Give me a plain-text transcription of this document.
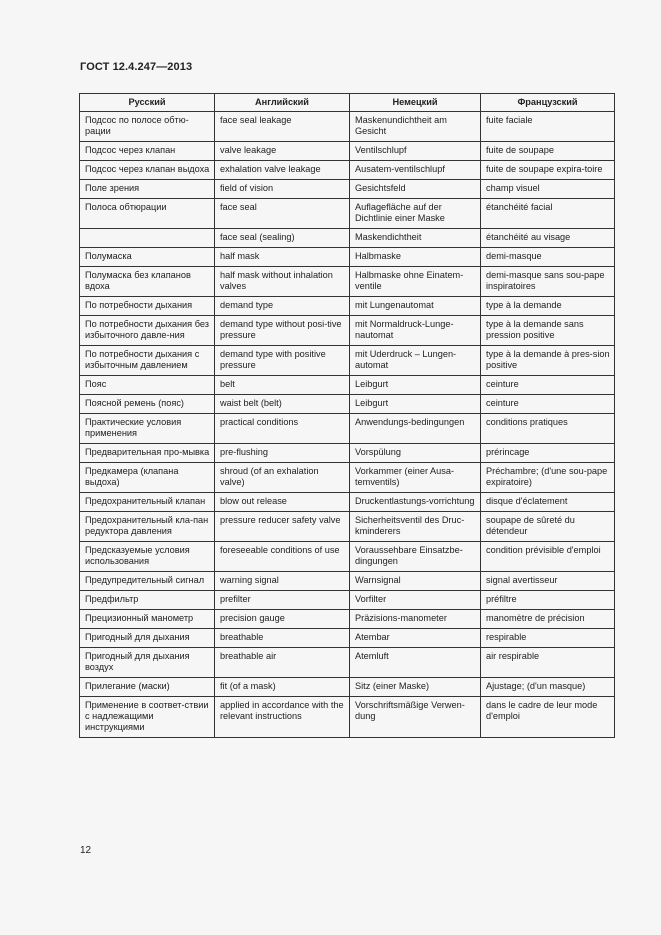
ГОСТ 12.4.247—2013
Русский	Английский	Немецкий	Французский
Подсос по полосе обтю-рации	face seal leakage	Maskenundichtheit am Gesicht	fuite faciale
Подсос через клапан	valve leakage	Ventilschlupf	fuite de soupape
Подсос через клапан выдоха	exhalation valve leakage	Ausatem-ventilschlupf	fuite de soupape expira-toire
Поле зрения	field of vision	Gesichtsfeld	champ visuel
Полоса обтюрации	face seal	Auflagefläche auf der Dichtlinie einer Maske	étanchéité facial
	face seal (sealing)	Maskendichtheit	étanchéité au visage
Полумаска	half mask	Halbmaske	demi-masque
Полумаска без клапанов вдоха	half mask without inhalation valves	Halbmaske ohne Einatem-ventile	demi-masque sans sou-pape inspiratoires
По потребности дыхания	demand type	mit Lungenautomat	type à la demande
По потребности дыхания без избыточного давле-ния	demand type without posi-tive pressure	mit Normaldruck-Lunge-nautomat	type à la demande sans pression positive
По потребности дыхания с избыточным давлением	demand type with positive pressure	mit Uderdruck – Lungen-automat	type à la demande à pres-sion positive
Пояс	belt	Leibgurt	ceinture
Поясной ремень (пояс)	waist belt (belt)	Leibgurt	ceinture
Практические условия применения	practical conditions	Anwendungs-bedingungen	conditions pratiques
Предварительная про-мывка	pre-flushing	Vorspülung	prérincage
Предкамера (клапана выдоха)	shroud (of an exhalation valve)	Vorkammer (einer Ausa-temventils)	Préchambre; (d'une sou-pape expiratoire)
Предохранительный клапан	blow out release	Druckentlastungs-vorrichtung	disque d'éclatement
Предохранительный кла-пан редуктора давления	pressure reducer safety valve	Sicherheitsventil des Druc-kminderers	soupape de sûreté du détendeur
Предсказуемые условия использования	foreseeable conditions of use	Voraussehbare Einsatzbe-dingungen	condition prévisible d'emploi
Предупредительный сигнал	warning signal	Warnsignal	signal avertisseur
Предфильтр	prefilter	Vorfilter	préfiltre
Прецизионный манометр	precision gauge	Präzisions-manometer	manomètre de précision
Пригодный для дыхания	breathable	Atembar	respirable
Пригодный для дыхания воздух	breathable air	Atemluft	air respirable
Прилегание (маски)	fit (of a mask)	Sitz (einer Maske)	Ajustage; (d'un masque)
Применение в соответ-ствии с надлежащими инструкциями	applied in accordance with the relevant instructions	Vorschriftsmäßige Verwen-dung	dans le cadre de leur mode d'emploi
12
